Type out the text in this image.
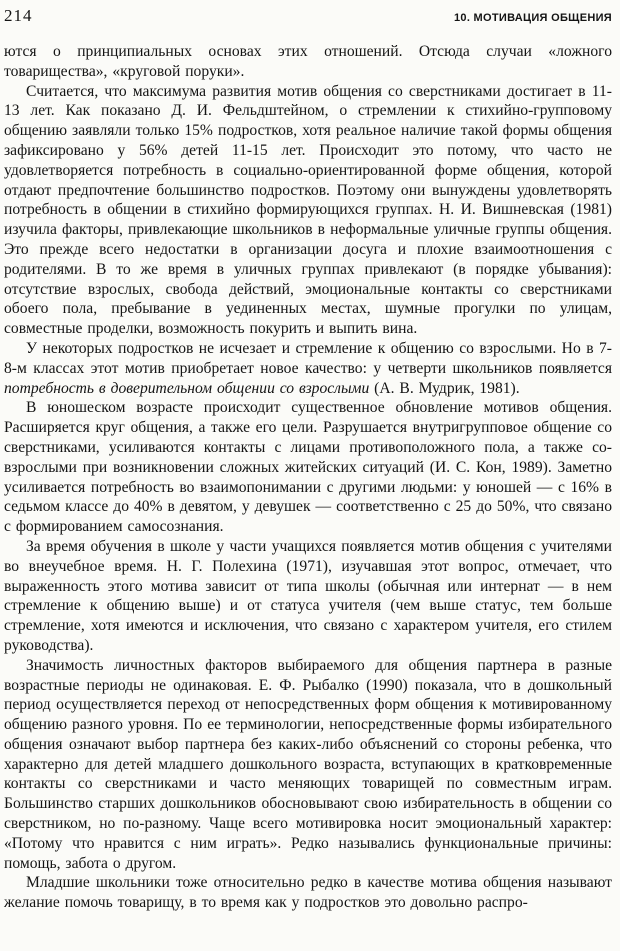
214	10. МОТИВАЦИЯ ОБЩЕНИЯ

ются о принципиальных основах этих отношений. Отсюда случаи «ложного товарищества», «круговой поруки».

Считается, что максимума развития мотив общения со сверстниками достигает в 11-13 лет. Как показано Д. И. Фельдштейном, о стремлении к стихийно-групповому общению заявляли только 15% подростков, хотя реальное наличие такой формы общения зафиксировано у 56% детей 11-15 лет. Происходит это потому, что часто не удовлетворяется потребность в социально-ориентированной форме общения, которой отдают предпочтение большинство подростков. Поэтому они вынуждены удовлетворять потребность в общении в стихийно формирующихся группах. Н. И. Вишневская (1981) изучила факторы, привлекающие школьников в неформальные уличные группы общения. Это прежде всего недостатки в организации досуга и плохие взаимоотношения с родителями. В то же время в уличных группах привлекают (в порядке убывания): отсутствие взрослых, свобода действий, эмоциональные контакты со сверстниками обоего пола, пребывание в уединенных местах, шумные прогулки по улицам, совместные проделки, возможность покурить и выпить вина.

У некоторых подростков не исчезает и стремление к общению со взрослыми. Но в 7-8-м классах этот мотив приобретает новое качество: у четверти школьников появляется потребность в доверительном общении со взрослыми (А. В. Мудрик, 1981).

В юношеском возрасте происходит существенное обновление мотивов общения. Расширяется круг общения, а также его цели. Разрушается внутригрупповое общение со сверстниками, усиливаются контакты с лицами противоположного пола, а также со-взрослыми при возникновении сложных житейских ситуаций (И. С. Кон, 1989). Заметно усиливается потребность во взаимопонимании с другими людьми: у юношей — с 16% в седьмом классе до 40% в девятом, у девушек — соответственно с 25 до 50%, что связано с формированием самосознания.

За время обучения в школе у части учащихся появляется мотив общения с учителями во внеучебное время. Н. Г. Полехина (1971), изучавшая этот вопрос, отмечает, что выраженность этого мотива зависит от типа школы (обычная или интернат — в нем стремление к общению выше) и от статуса учителя (чем выше статус, тем больше стремление, хотя имеются и исключения, что связано с характером учителя, его стилем руководства).

Значимость личностных факторов выбираемого для общения партнера в разные возрастные периоды не одинаковая. Е. Ф. Рыбалко (1990) показала, что в дошкольный период осуществляется переход от непосредственных форм общения к мотивированному общению разного уровня. По ее терминологии, непосредственные формы избирательного общения означают выбор партнера без каких-либо объяснений со стороны ребенка, что характерно для детей младшего дошкольного возраста, вступающих в кратковременные контакты со сверстниками и часто меняющих товарищей по совместным играм. Большинство старших дошкольников обосновывают свою избирательность в общении со сверстником, но по-разному. Чаще всего мотивировка носит эмоциональный характер: «Потому что нравится с ним играть». Редко назывались функциональные причины: помощь, забота о другом.

Младшие школьники тоже относительно редко в качестве мотива общения называют желание помочь товарищу, в то время как у подростков это довольно распро-
